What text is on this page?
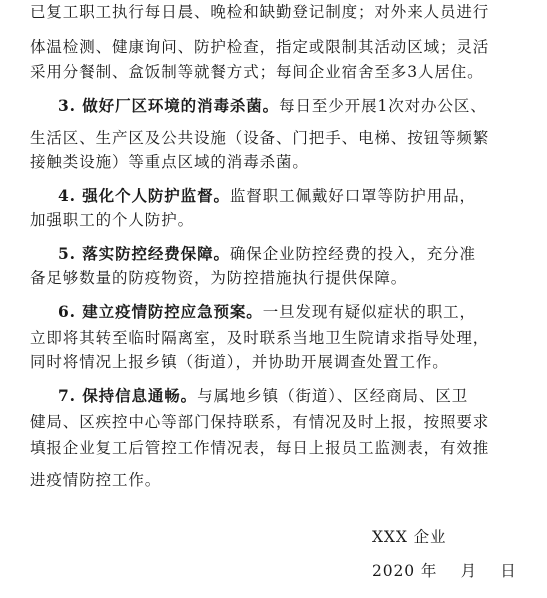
已复工职工执行每日晨、晚检和缺勤登记制度；对外来人员进行
体温检测、健康询问、防护检查，指定或限制其活动区域；灵活
采用分餐制、盒饭制等就餐方式；每间企业宿舍至多3人居住。
3. 做好厂区环境的消毒杀菌。每日至少开展1次对办公区、
生活区、生产区及公共设施（设备、门把手、电梯、按钮等频繁
接触类设施）等重点区域的消毒杀菌。
4. 强化个人防护监督。监督职工佩戴好口罩等防护用品，
加强职工的个人防护。
5. 落实防控经费保障。确保企业防控经费的投入，充分准
备足够数量的防疫物资，为防控措施执行提供保障。
6. 建立疫情防控应急预案。一旦发现有疑似症状的职工，
立即将其转至临时隔离室，及时联系当地卫生院请求指导处理，
同时将情况上报乡镇（街道），并协助开展调查处置工作。
7. 保持信息通畅。与属地乡镇（街道）、区经商局、区卫
健局、区疾控中心等部门保持联系，有情况及时上报，按照要求
填报企业复工后管控工作情况表，每日上报员工监测表，有效推
进疫情防控工作。
XXX 企业
2020 年    月    日
